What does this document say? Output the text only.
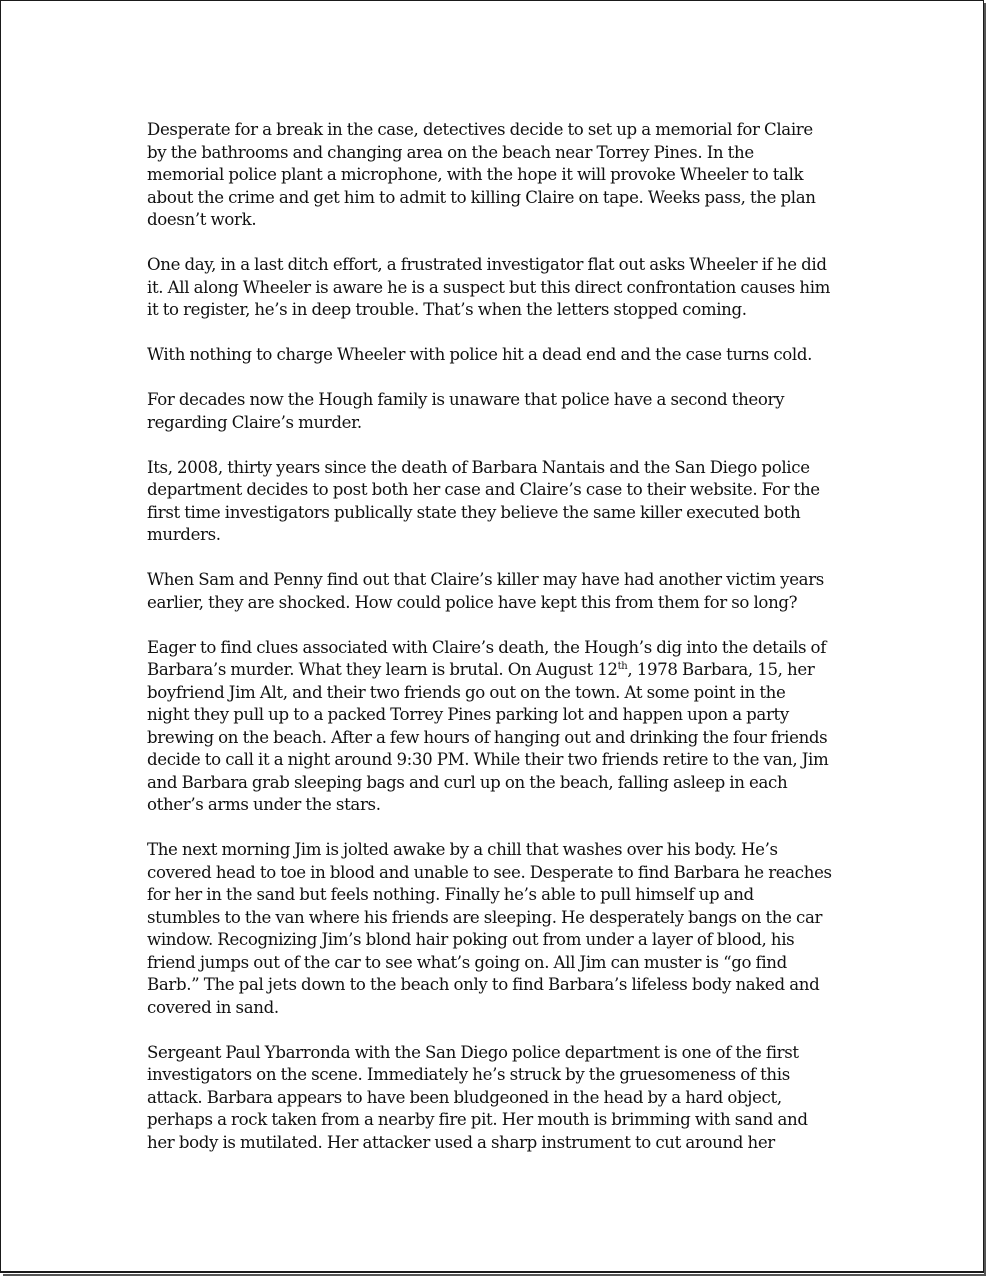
Desperate for a break in the case, detectives decide to set up a memorial for Claire
by the bathrooms and changing area on the beach near Torrey Pines. In the
memorial police plant a microphone, with the hope it will provoke Wheeler to talk
about the crime and get him to admit to killing Claire on tape. Weeks pass, the plan
doesn’t work.

One day, in a last ditch effort, a frustrated investigator flat out asks Wheeler if he did
it. All along Wheeler is aware he is a suspect but this direct confrontation causes him
it to register, he’s in deep trouble. That’s when the letters stopped coming.

With nothing to charge Wheeler with police hit a dead end and the case turns cold.

For decades now the Hough family is unaware that police have a second theory
regarding Claire’s murder.

Its, 2008, thirty years since the death of Barbara Nantais and the San Diego police
department decides to post both her case and Claire’s case to their website. For the
first time investigators publically state they believe the same killer executed both
murders.

When Sam and Penny find out that Claire’s killer may have had another victim years
earlier, they are shocked. How could police have kept this from them for so long?

Eager to find clues associated with Claire’s death, the Hough’s dig into the details of
Barbara’s murder. What they learn is brutal. On August 12th, 1978 Barbara, 15, her
boyfriend Jim Alt, and their two friends go out on the town. At some point in the
night they pull up to a packed Torrey Pines parking lot and happen upon a party
brewing on the beach. After a few hours of hanging out and drinking the four friends
decide to call it a night around 9:30 PM. While their two friends retire to the van, Jim
and Barbara grab sleeping bags and curl up on the beach, falling asleep in each
other’s arms under the stars.

The next morning Jim is jolted awake by a chill that washes over his body. He’s
covered head to toe in blood and unable to see. Desperate to find Barbara he reaches
for her in the sand but feels nothing. Finally he’s able to pull himself up and
stumbles to the van where his friends are sleeping. He desperately bangs on the car
window. Recognizing Jim’s blond hair poking out from under a layer of blood, his
friend jumps out of the car to see what’s going on. All Jim can muster is “go find
Barb.” The pal jets down to the beach only to find Barbara’s lifeless body naked and
covered in sand.

Sergeant Paul Ybarronda with the San Diego police department is one of the first
investigators on the scene. Immediately he’s struck by the gruesomeness of this
attack. Barbara appears to have been bludgeoned in the head by a hard object,
perhaps a rock taken from a nearby fire pit. Her mouth is brimming with sand and
her body is mutilated. Her attacker used a sharp instrument to cut around her
